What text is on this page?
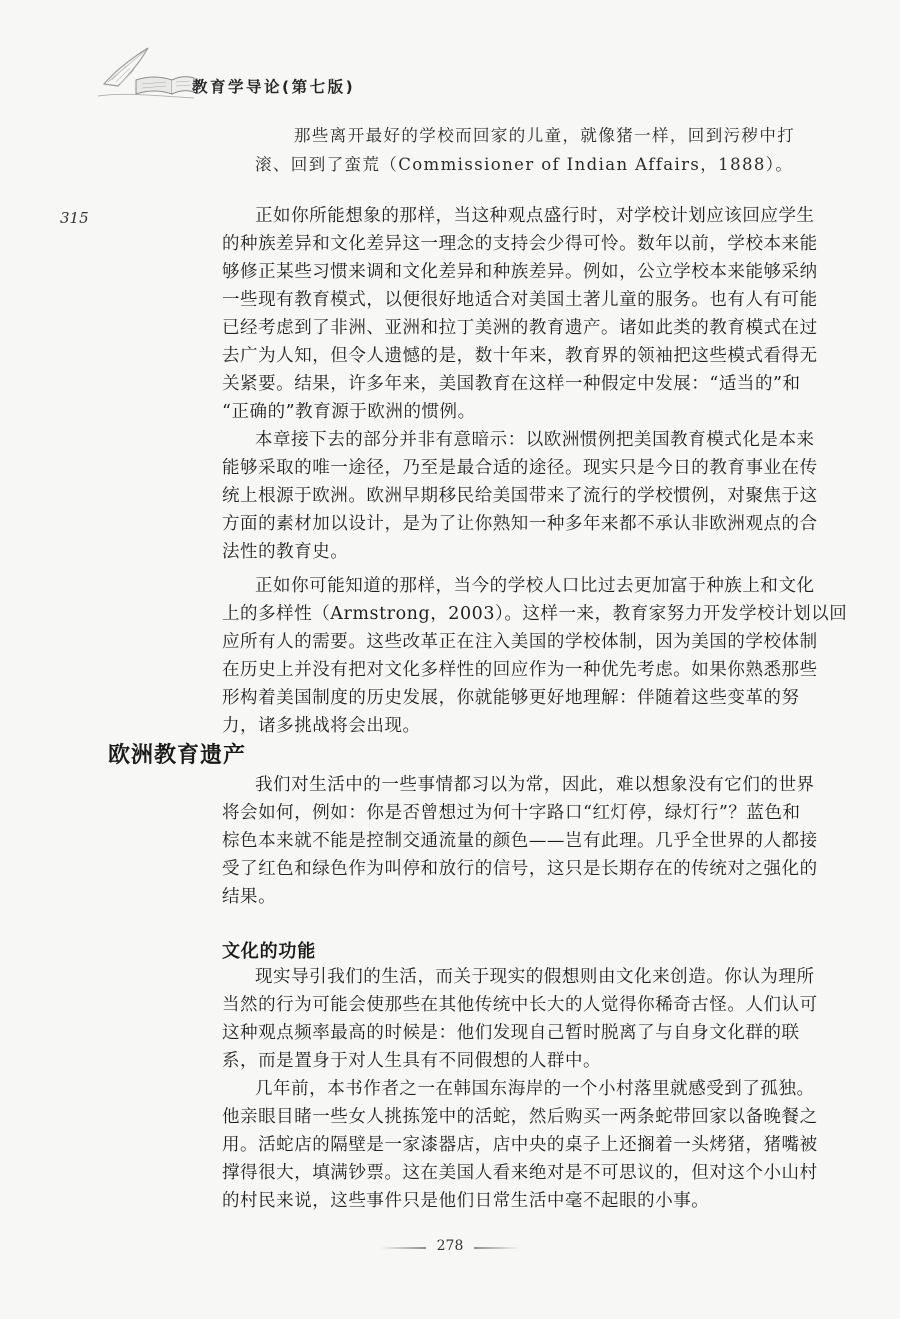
教育学导论(第七版)
315
那些离开最好的学校而回家的儿童，就像猪一样，回到污秽中打
滚、回到了蛮荒（Commissioner of Indian Affairs，1888）。
正如你所能想象的那样，当这种观点盛行时，对学校计划应该回应学生
的种族差异和文化差异这一理念的支持会少得可怜。数年以前，学校本来能
够修正某些习惯来调和文化差异和种族差异。例如，公立学校本来能够采纳
一些现有教育模式，以便很好地适合对美国土著儿童的服务。也有人有可能
已经考虑到了非洲、亚洲和拉丁美洲的教育遗产。诸如此类的教育模式在过
去广为人知，但令人遗憾的是，数十年来，教育界的领袖把这些模式看得无
关紧要。结果，许多年来，美国教育在这样一种假定中发展：“适当的”和
“正确的”教育源于欧洲的惯例。
本章接下去的部分并非有意暗示：以欧洲惯例把美国教育模式化是本来
能够采取的唯一途径，乃至是最合适的途径。现实只是今日的教育事业在传
统上根源于欧洲。欧洲早期移民给美国带来了流行的学校惯例，对聚焦于这
方面的素材加以设计，是为了让你熟知一种多年来都不承认非欧洲观点的合
法性的教育史。
正如你可能知道的那样，当今的学校人口比过去更加富于种族上和文化
上的多样性（Armstrong，2003）。这样一来，教育家努力开发学校计划以回
应所有人的需要。这些改革正在注入美国的学校体制，因为美国的学校体制
在历史上并没有把对文化多样性的回应作为一种优先考虑。如果你熟悉那些
形构着美国制度的历史发展，你就能够更好地理解：伴随着这些变革的努
力，诸多挑战将会出现。
欧洲教育遗产
我们对生活中的一些事情都习以为常，因此，难以想象没有它们的世界
将会如何，例如：你是否曾想过为何十字路口“红灯停，绿灯行”？蓝色和
棕色本来就不能是控制交通流量的颜色——岂有此理。几乎全世界的人都接
受了红色和绿色作为叫停和放行的信号，这只是长期存在的传统对之强化的
结果。
文化的功能
现实导引我们的生活，而关于现实的假想则由文化来创造。你认为理所
当然的行为可能会使那些在其他传统中长大的人觉得你稀奇古怪。人们认可
这种观点频率最高的时候是：他们发现自己暂时脱离了与自身文化群的联
系，而是置身于对人生具有不同假想的人群中。
几年前，本书作者之一在韩国东海岸的一个小村落里就感受到了孤独。
他亲眼目睹一些女人挑拣笼中的活蛇，然后购买一两条蛇带回家以备晚餐之
用。活蛇店的隔壁是一家漆器店，店中央的桌子上还搁着一头烤猪，猪嘴被
撑得很大，填满钞票。这在美国人看来绝对是不可思议的，但对这个小山村
的村民来说，这些事件只是他们日常生活中毫不起眼的小事。
278
